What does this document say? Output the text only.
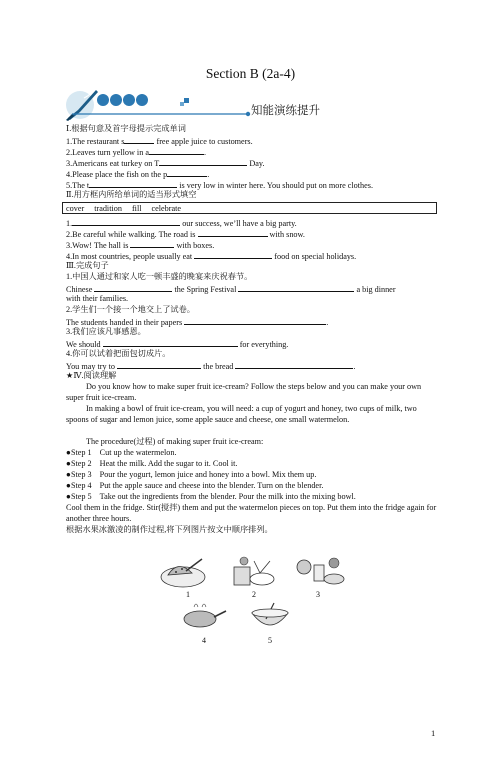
Section B (2a-4)
知能演练提升
Ⅰ.根据句意及首字母提示完成单词
1.The restaurant s	free apple juice to customers.
2.Leaves turn yellow in a	.
3.Americans eat turkey on T	Day.
4.Please place the fish on the p	.
5.The t	is very low in winter here. You should put on more clothes.
Ⅱ.用方框内所给单词的适当形式填空
cover tradition fill celebrate
1.	our success, we’ll have a big party.
2.Be careful while walking. The road is	with snow.
3.Wow! The hall is	with boxes.
4.In most countries, people usually eat	food on special holidays.
Ⅲ.完成句子
1.中国人通过和家人吃一顿丰盛的晚宴来庆祝春节。
Chinese	the Spring Festival	a big dinner
with their families.
2.学生们一个接一个地交上了试卷。
The students handed in their papers	.
3.我们应该凡事感恩。
We should	for everything.
4.你可以试着把面包切成片。
You may try to	the bread	.
★Ⅳ.阅读理解
Do you know how to make super fruit ice-cream? Follow the steps below and you can make your own super fruit ice-cream.
In making a bowl of fruit ice-cream, you will need: a cup of yogurt and honey, two cups of milk, two spoons of sugar and lemon juice, some apple sauce and cheese, one small watermelon.
The procedure(过程) of making super fruit ice-cream:
●Step 1 Cut up the watermelon.
●Step 2 Heat the milk. Add the sugar to it. Cool it.
●Step 3 Pour the yogurt, lemon juice and honey into a bowl. Mix them up.
●Step 4 Put the apple sauce and cheese into the blender. Turn on the blender.
●Step 5 Take out the ingredients from the blender. Pour the milk into the mixing bowl.
Cool them in the fridge. Stir(搅拌) them and put the watermelon pieces on top. Put them into the fridge again for another three hours.
根据水果冰激凌的制作过程,将下列图片按文中顺序排列。
1	2	3
4	5
1
